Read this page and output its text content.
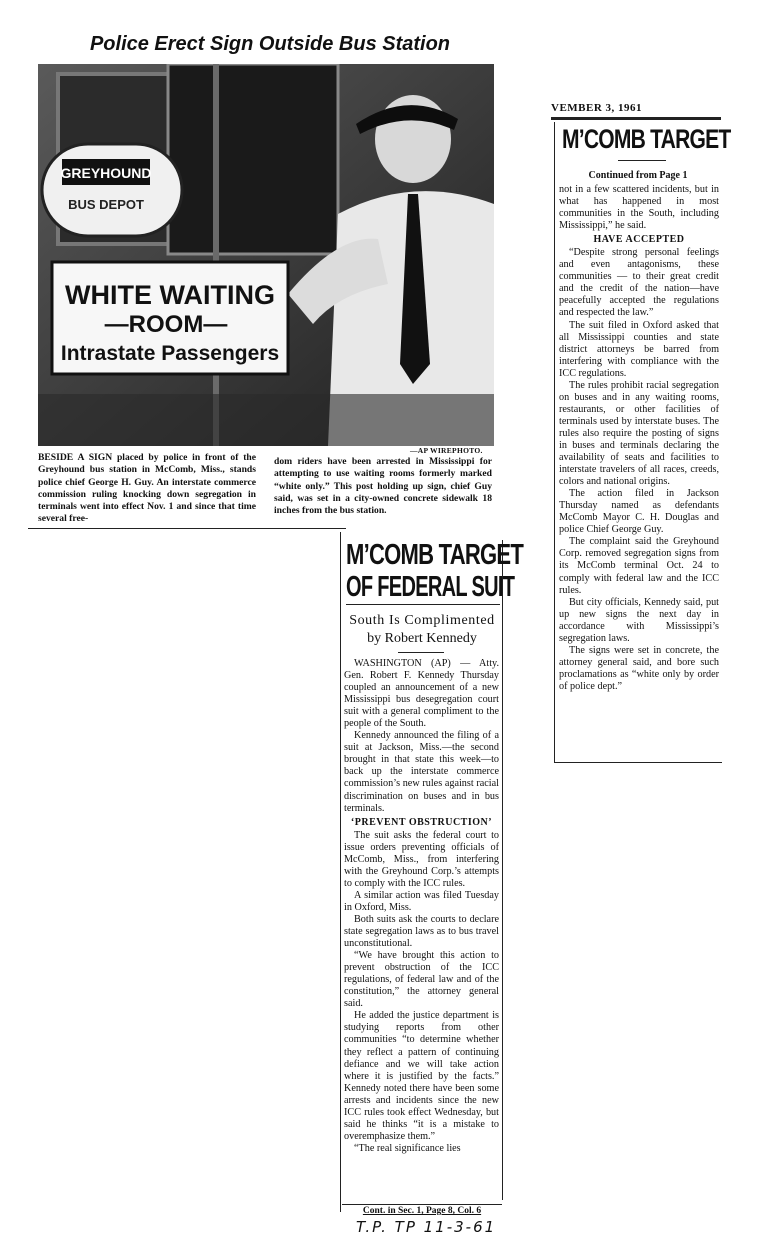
Police Erect Sign Outside Bus Station
GREYHOUND
BUS DEPOT
WHITE WAITING
—ROOM—
Intrastate Passengers
—AP WIREPHOTO.

BESIDE A SIGN placed by police in front of the Greyhound bus station in McComb, Miss., stands police chief George H. Guy. An interstate commerce commission ruling knocking down segregation in terminals went into effect Nov. 1 and since that time several free-

dom riders have been arrested in Mississippi for attempting to use waiting rooms formerly marked “white only.” This post holding up sign, chief Guy said, was set in a city-owned concrete sidewalk 18 inches from the bus station.

VEMBER 3, 1961
M’COMB TARGET
Continued from Page 1

not in a few scattered incidents, but in what has happened in most communities in the South, including Mississippi,” he said.

HAVE ACCEPTED

“Despite strong personal feelings and even antagonisms, these communities — to their great credit and the credit of the nation—have peacefully accepted the regulations and respected the law.”

The suit filed in Oxford asked that all Mississippi counties and state district attorneys be barred from interfering with compliance with the ICC regulations.

The rules prohibit racial segregation on buses and in any waiting rooms, restaurants, or other facilities of terminals used by interstate buses. The rules also require the posting of signs in buses and terminals declaring the availability of seats and facilities to interstate travelers of all races, creeds, colors and national origins.

The action filed in Jackson Thursday named as defendants McComb Mayor C. H. Douglas and police Chief George Guy.

The complaint said the Greyhound Corp. removed segregation signs from its McComb terminal Oct. 24 to comply with federal law and the ICC rules.

But city officials, Kennedy said, put up new signs the next day in accordance with Mississippi’s segregation laws.

The signs were set in concrete, the attorney general said, and bore such proclamations as “white only by order of police dept.”

M’COMB TARGET
OF FEDERAL SUIT
South Is Complimented
by Robert Kennedy

WASHINGTON (AP) — Atty. Gen. Robert F. Kennedy Thursday coupled an announcement of a new Mississippi bus desegregation court suit with a general compliment to the people of the South.

Kennedy announced the filing of a suit at Jackson, Miss.—the second brought in that state this week—to back up the interstate commerce commission’s new rules against racial discrimination on buses and in bus terminals.

‘PREVENT OBSTRUCTION’

The suit asks the federal court to issue orders preventing officials of McComb, Miss., from interfering with the Greyhound Corp.’s attempts to comply with the ICC rules.

A similar action was filed Tuesday in Oxford, Miss.

Both suits ask the courts to declare state segregation laws as to bus travel unconstitutional.

“We have brought this action to prevent obstruction of the ICC regulations, of federal law and of the constitution,” the attorney general said.

He added the justice department is studying reports from other communities “to determine whether they reflect a pattern of continuing defiance and we will take action where it is justified by the facts.” Kennedy noted there have been some arrests and incidents since the new ICC rules took effect Wednesday, but said he thinks “it is a mistake to overemphasize them.”

“The real significance lies

Cont. in Sec. 1, Page 8, Col. 6
T.P. TP 11-3-61
